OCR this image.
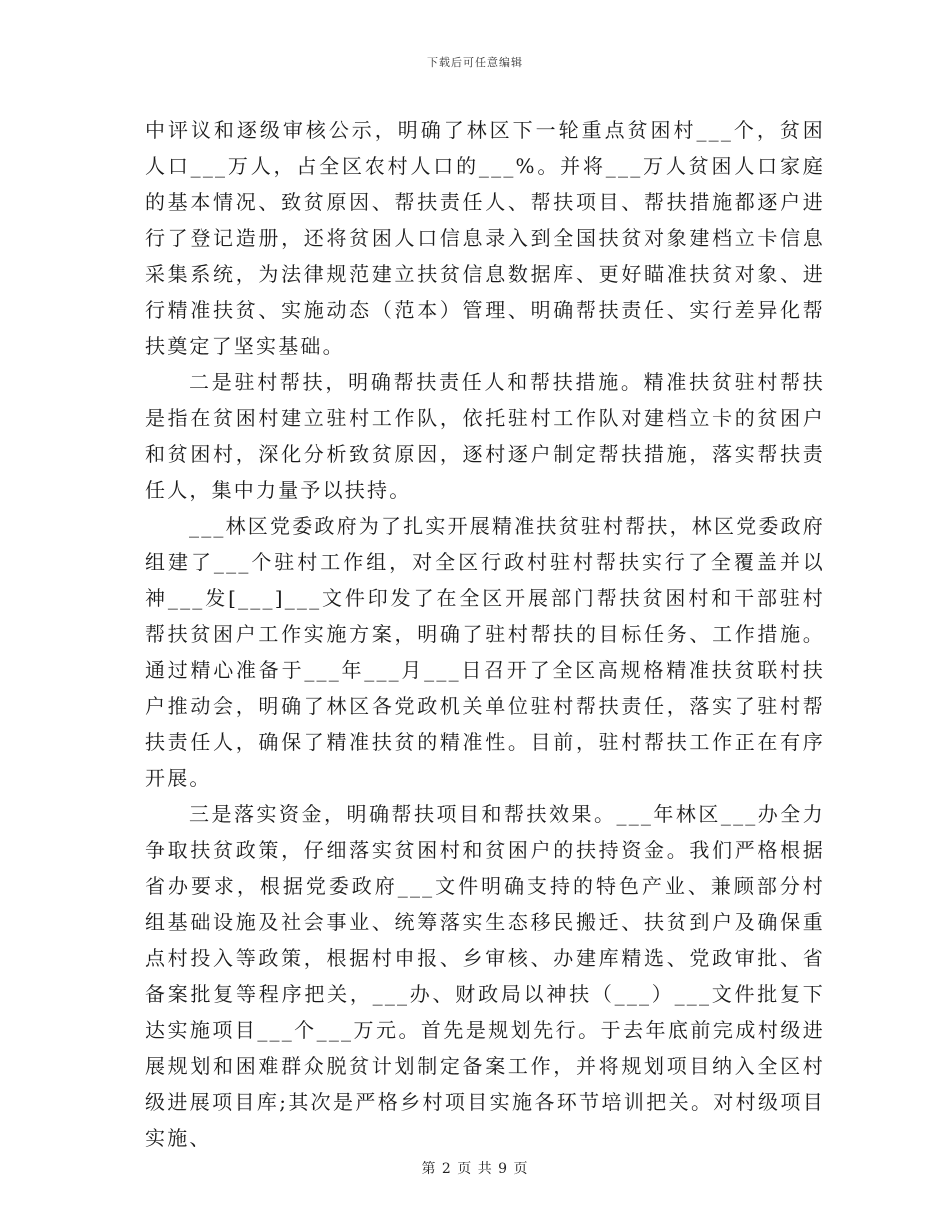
下载后可任意编辑

中评议和逐级审核公示，明确了林区下一轮重点贫困村___个，贫困人口___万人，占全区农村人口的___%。并将___万人贫困人口家庭的基本情况、致贫原因、帮扶责任人、帮扶项目、帮扶措施都逐户进行了登记造册，还将贫困人口信息录入到全国扶贫对象建档立卡信息采集系统，为法律规范建立扶贫信息数据库、更好瞄准扶贫对象、进行精准扶贫、实施动态（范本）管理、明确帮扶责任、实行差异化帮扶奠定了坚实基础。

二是驻村帮扶，明确帮扶责任人和帮扶措施。精准扶贫驻村帮扶是指在贫困村建立驻村工作队，依托驻村工作队对建档立卡的贫困户和贫困村，深化分析致贫原因，逐村逐户制定帮扶措施，落实帮扶责任人，集中力量予以扶持。

___林区党委政府为了扎实开展精准扶贫驻村帮扶，林区党委政府组建了___个驻村工作组，对全区行政村驻村帮扶实行了全覆盖并以神___发[___]___文件印发了在全区开展部门帮扶贫困村和干部驻村帮扶贫困户工作实施方案，明确了驻村帮扶的目标任务、工作措施。通过精心准备于___年___月___日召开了全区高规格精准扶贫联村扶户推动会，明确了林区各党政机关单位驻村帮扶责任，落实了驻村帮扶责任人，确保了精准扶贫的精准性。目前，驻村帮扶工作正在有序开展。

三是落实资金，明确帮扶项目和帮扶效果。___年林区___办全力争取扶贫政策，仔细落实贫困村和贫困户的扶持资金。我们严格根据省办要求，根据党委政府___文件明确支持的特色产业、兼顾部分村组基础设施及社会事业、统筹落实生态移民搬迁、扶贫到户及确保重点村投入等政策，根据村申报、乡审核、办建库精选、党政审批、省备案批复等程序把关，___办、财政局以神扶（___）___文件批复下达实施项目___个___万元。首先是规划先行。于去年底前完成村级进展规划和困难群众脱贫计划制定备案工作，并将规划项目纳入全区村级进展项目库;其次是严格乡村项目实施各环节培训把关。对村级项目实施、

第 2 页 共 9 页
